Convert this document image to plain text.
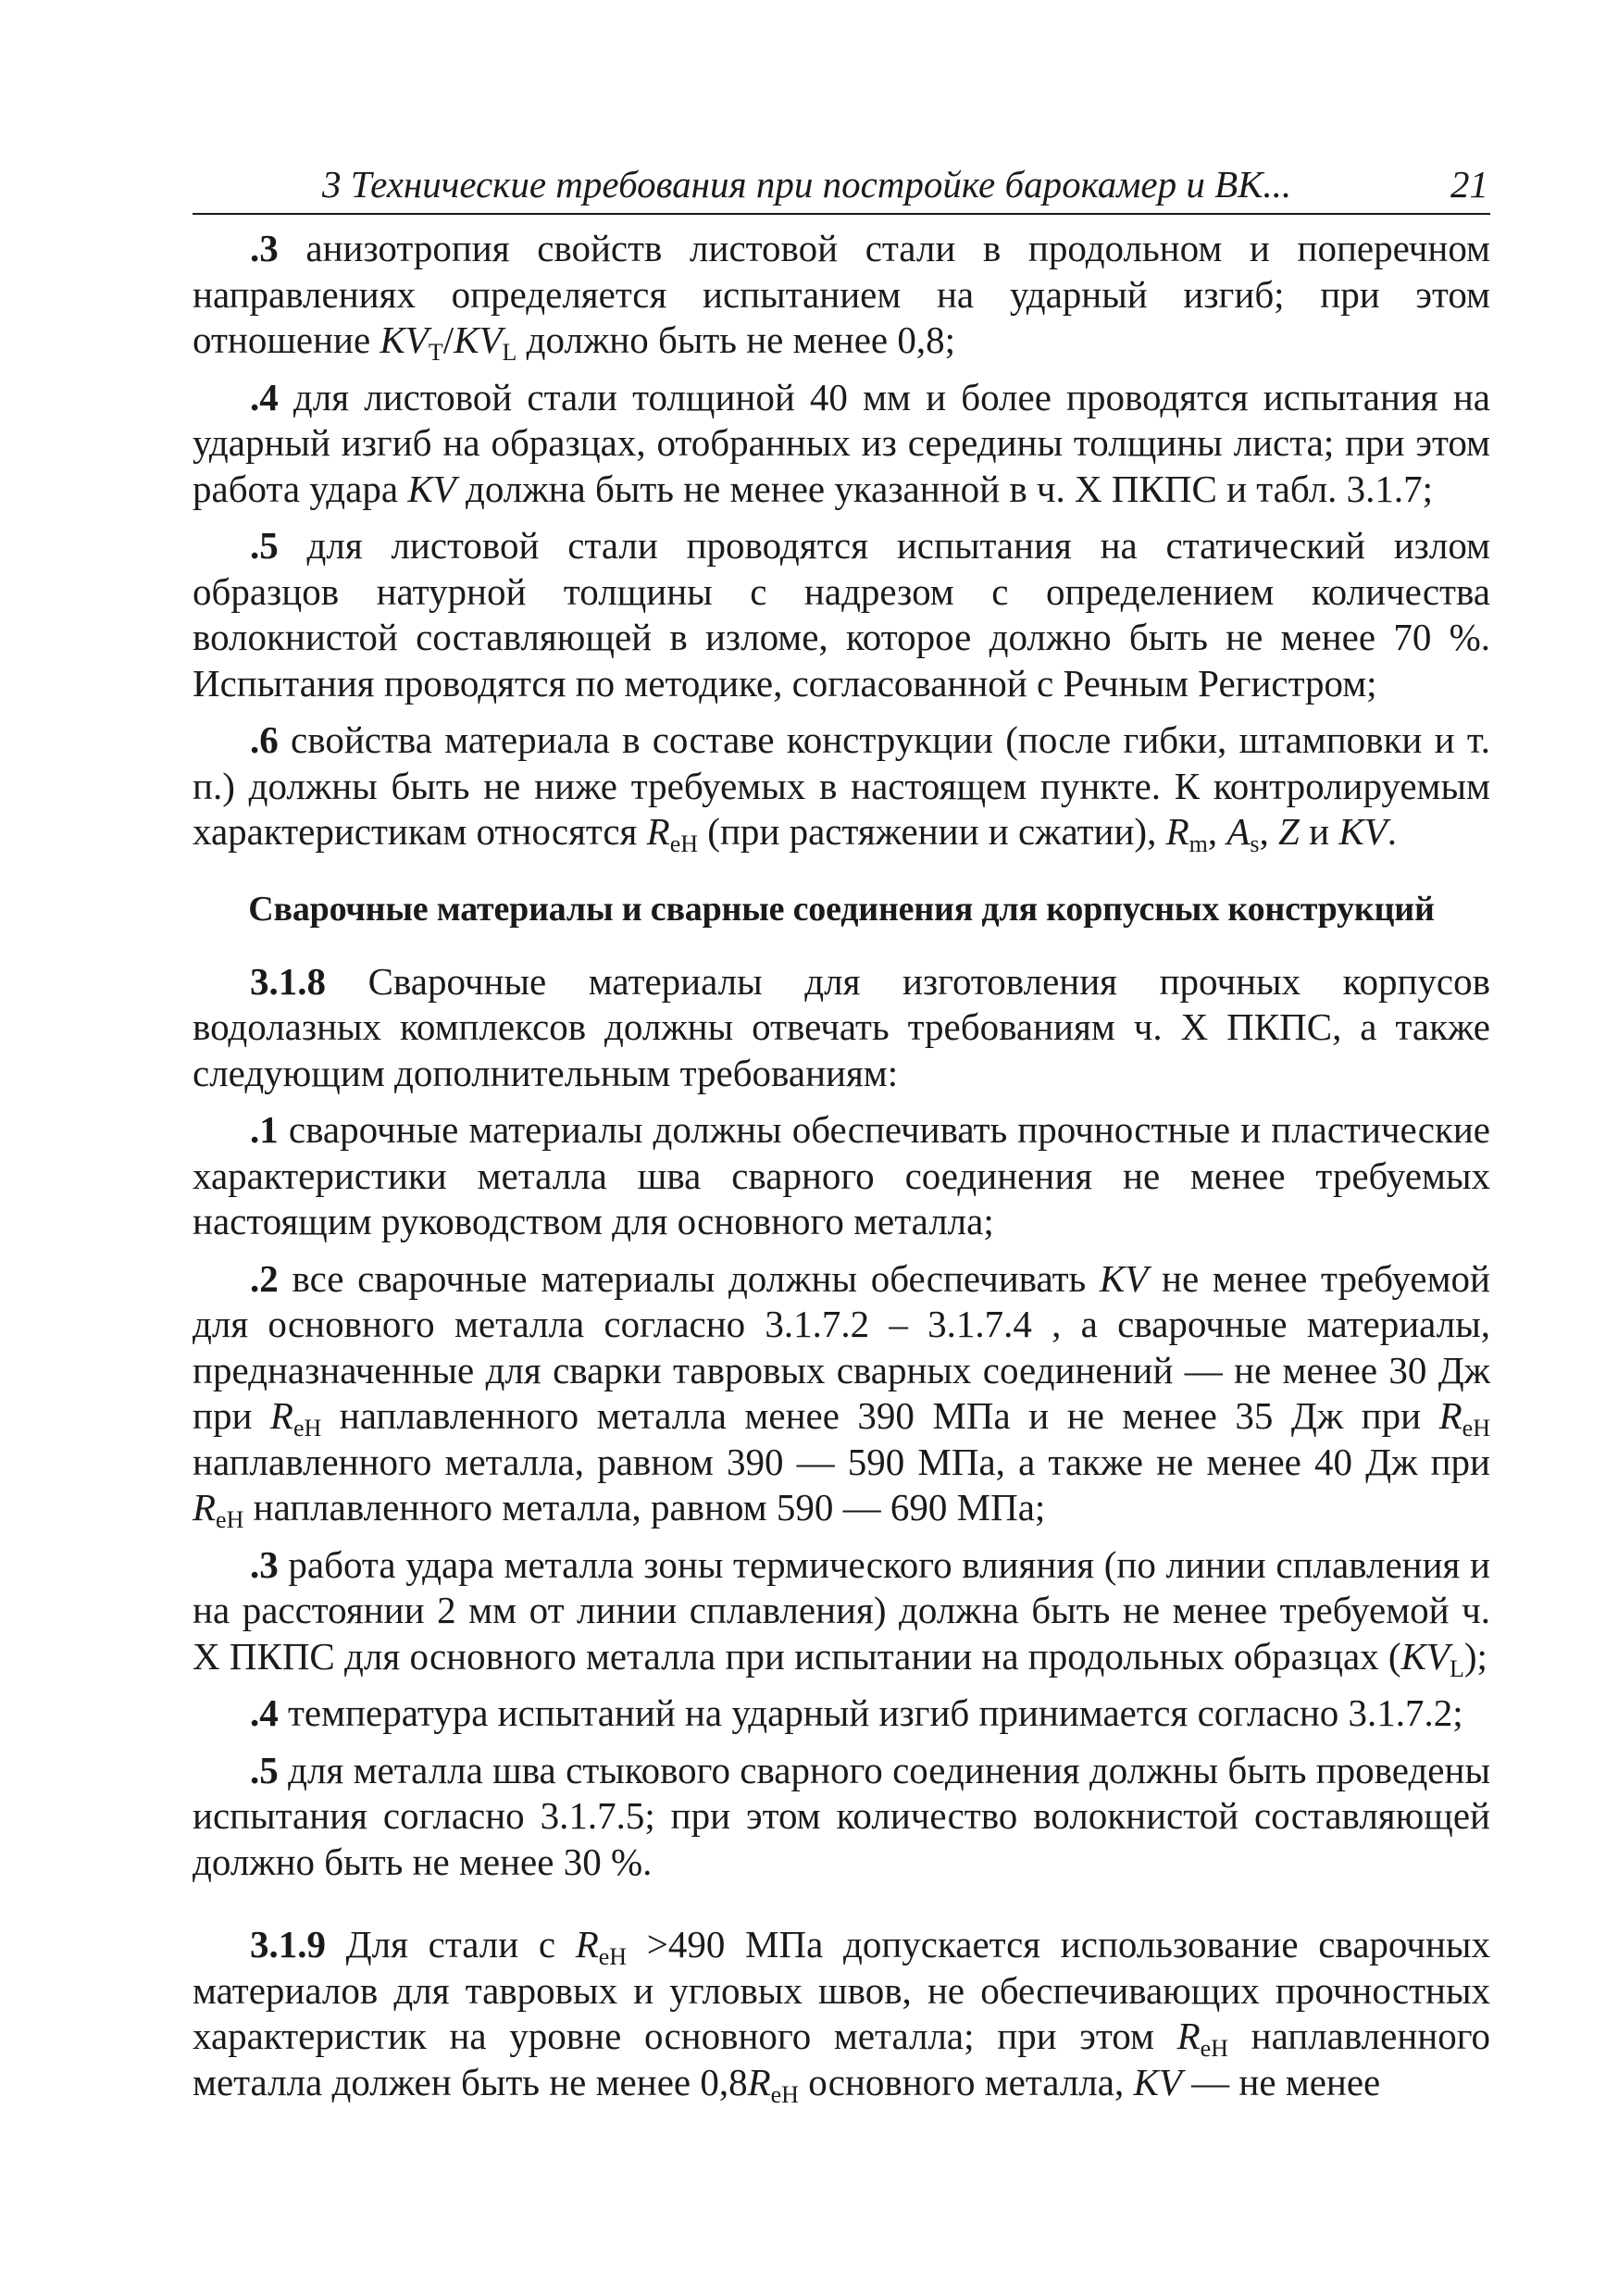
3 Технические требования при постройке барокамер и ВК...	21

.3 анизотропия свойств листовой стали в продольном и поперечном направлениях определяется испытанием на ударный изгиб; при этом отношение $KV_T/KV_L$ должно быть не менее 0,8;

.4 для листовой стали толщиной 40 мм и более проводятся испытания на ударный изгиб на образцах, отобранных из середины толщины листа; при этом работа удара KV должна быть не менее указанной в ч. X ПКПС и табл. 3.1.7;

.5 для листовой стали проводятся испытания на статический излом образцов натурной толщины с надрезом с определением количества волокнистой составляющей в изломе, которое должно быть не менее 70 %. Испытания проводятся по методике, согласованной с Речным Регистром;

.6 свойства материала в составе конструкции (после гибки, штамповки и т. п.) должны быть не ниже требуемых в настоящем пункте. К контролируемым характеристикам относятся $R_{eH}$ (при растяжении и сжатии), $R_m$, $A_s$, Z и KV.

Сварочные материалы и сварные соединения для корпусных конструкций

3.1.8 Сварочные материалы для изготовления прочных корпусов водолазных комплексов должны отвечать требованиям ч. X ПКПС, а также следующим дополнительным требованиям:

.1 сварочные материалы должны обеспечивать прочностные и пластические характеристики металла шва сварного соединения не менее требуемых настоящим руководством для основного металла;

.2 все сварочные материалы должны обеспечивать KV не менее требуемой для основного металла согласно 3.1.7.2 – 3.1.7.4 , а сварочные материалы, предназначенные для сварки тавровых сварных соединений — не менее 30 Дж при $R_{eH}$ наплавленного металла менее 390 МПа и не менее 35 Дж при $R_{eH}$ наплавленного металла, равном 390 — 590 МПа, а также не менее 40 Дж при $R_{eH}$ наплавленного металла, равном 590 — 690 МПа;

.3 работа удара металла зоны термического влияния (по линии сплавления и на расстоянии 2 мм от линии сплавления) должна быть не менее требуемой ч. X ПКПС для основного металла при испытании на продольных образцах $(KV_L)$;

.4 температура испытаний на ударный изгиб принимается согласно 3.1.7.2;

.5 для металла шва стыкового сварного соединения должны быть проведены испытания согласно 3.1.7.5; при этом количество волокнистой составляющей должно быть не менее 30 %.

3.1.9 Для стали с $R_{eH} >490$ МПа допускается использование сварочных материалов для тавровых и угловых швов, не обеспечивающих прочностных характеристик на уровне основного металла; при этом $R_{eH}$ наплавленного металла должен быть не менее $0,8R_{eH}$ основного металла, KV — не менее
